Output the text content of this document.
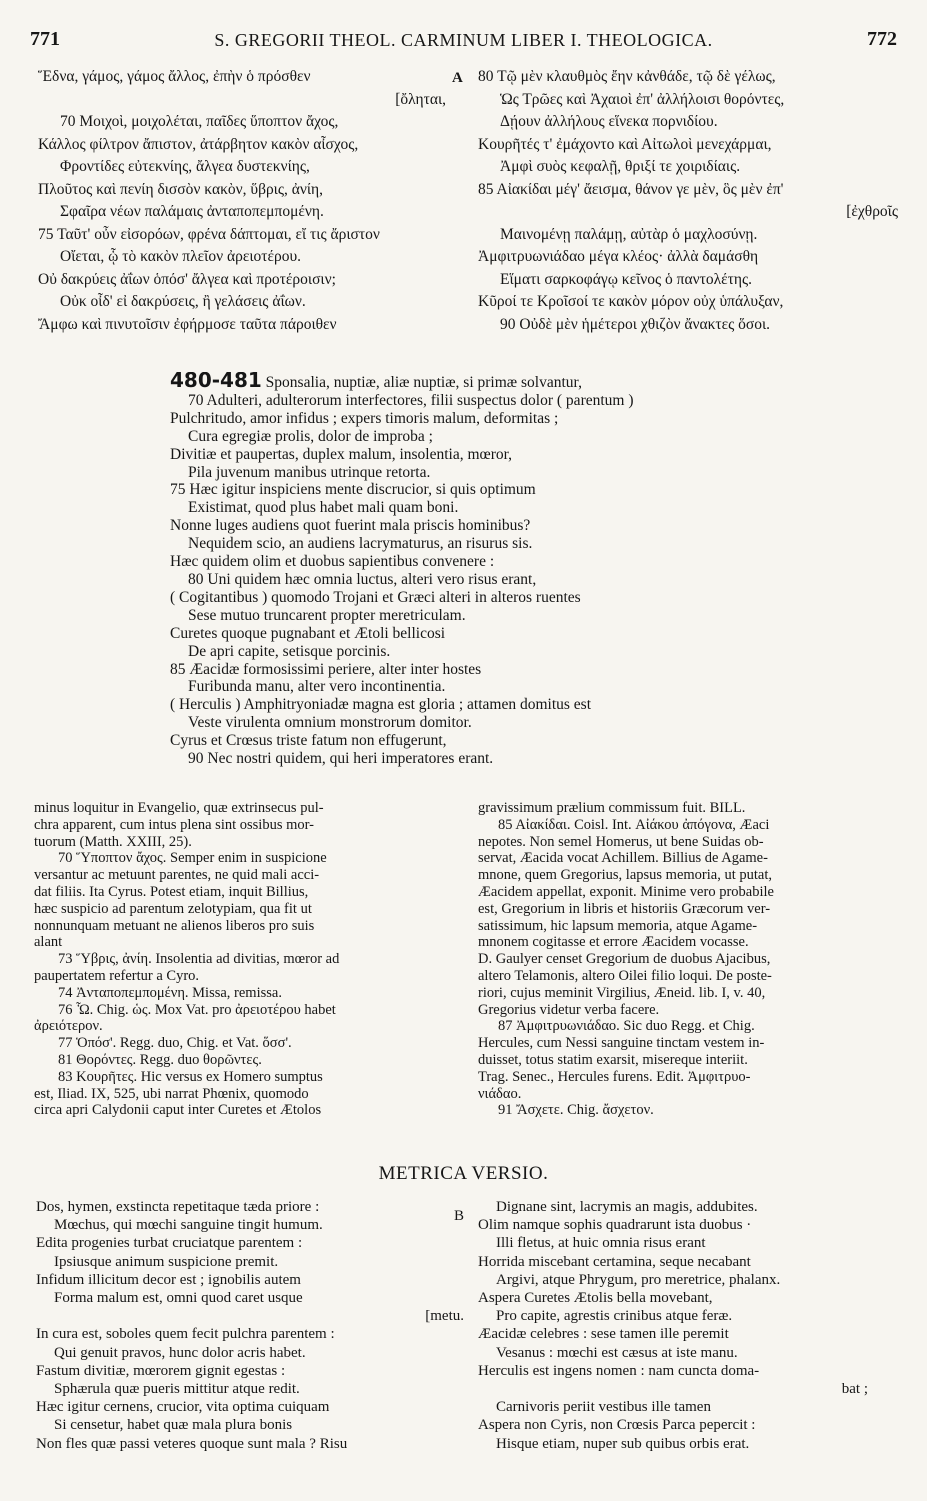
771	S. GREGORII THEOL. CARMINUM LIBER I. THEOLOGICA.	772
Ἕδνα, γάμος, γάμος ἄλλος, ἐπὴν ὁ πρόσθεν
[ὄληται,
70 Μοιχοὶ, μοιχολέται, παῖδες ὕποπτον ἄχος,
Κάλλος φίλτρον ἄπιστον, ἀτάρβητον κακὸν αἶσχος,
Φροντίδες εὐτεκνίης, ἄλγεα δυστεκνίης,
Πλοῦτος καὶ πενίη δισσὸν κακὸν, ὕβρις, ἀνίη,
Σφαῖρα νέων παλάμαις ἀνταποπεμπομένη.
75 Ταῦτ' οὖν εἰσορόων, φρένα δάπτομαι, εἴ τις ἄριστον
Οἴεται, ᾧ τὸ κακὸν πλεῖον ἀρειοτέρου.
Οὐ δακρύεις ἀΐων ὁπόσ' ἄλγεα καὶ προτέροισιν;
Οὐκ οἶδ' εἰ δακρύσεις, ἢ γελάσεις ἀΐων.
Ἄμφω καὶ πινυτοῖσιν ἐφήρμοσε ταῦτα πάροιθεν
A 80 Τῷ μὲν κλαυθμὸς ἔην κἀνθάδε, τῷ δὲ γέλως,
Ὡς Τρῶες καὶ Ἀχαιοὶ ἐπ' ἀλλήλοισι θορόντες,
Δῄουν ἀλλήλους εἵνεκα πορνιδίου.
Κουρῆτές τ' ἐμάχοντο καὶ Αἰτωλοὶ μενεχάρμαι,
Ἀμφὶ συὸς κεφαλῇ, θριξί τε χοιριδίαις.
85 Αἰακίδαι μέγ' ἄεισμα, θάνον γε μὲν, ὃς μὲν ἐπ'
[ἐχθροῖς
Μαινομένῃ παλάμῃ, αὐτὰρ ὁ μαχλοσύνῃ.
Ἀμφιτρυωνιάδαο μέγα κλέος· ἀλλὰ δαμάσθη
Εἵματι σαρκοφάγῳ κεῖνος ὁ παντολέτης.
Κῦροί τε Κροῖσοί τε κακὸν μόρον οὐχ ὑπάλυξαν,
90 Οὐδὲ μὲν ἡμέτεροι χθιζὸν ἄνακτες ὅσοι.
480-481 Sponsalia, nuptiæ, aliæ nuptiæ, si primæ solvantur,
70 Adulteri, adulterorum interfectores, filii suspectus dolor ( parentum )
Pulchritudo, amor infidus ; expers timoris malum, deformitas ;
Cura egregiæ prolis, dolor de improba ;
Divitiæ et paupertas, duplex malum, insolentia, mœror,
Pila juvenum manibus utrinque retorta.
75 Hæc igitur inspiciens mente discrucior, si quis optimum
Existimat, quod plus habet mali quam boni.
Nonne luges audiens quot fuerint mala priscis hominibus?
Nequidem scio, an audiens lacrymaturus, an risurus sis.
Hæc quidem olim et duobus sapientibus convenere :
80 Uni quidem hæc omnia luctus, alteri vero risus erant,
( Cogitantibus ) quomodo Trojani et Græci alteri in alteros ruentes
Sese mutuo truncarent propter meretriculam.
Curetes quoque pugnabant et Ætoli bellicosi
De apri capite, setisque porcinis.
85 Æacidæ formosissimi periere, alter inter hostes
Furibunda manu, alter vero incontinentia.
( Herculis ) Amphitryoniadæ magna est gloria ; attamen domitus est
Veste virulenta omnium monstrorum domitor.
Cyrus et Crœsus triste fatum non effugerunt,
90 Nec nostri quidem, qui heri imperatores erant.
minus loquitur in Evangelio, quæ extrinsecus pul-
chra apparent, cum intus plena sint ossibus mor-
tuorum (Matth. XXIII, 25).
70 Ὕποπτον ἄχος. Semper enim in suspicione
versantur ac metuunt parentes, ne quid mali acci-
dat filiis. Ita Cyrus. Potest etiam, inquit Billius,
hæc suspicio ad parentum zelotypiam, qua fit ut
nonnunquam metuant ne alienos liberos pro suis
alant
73 Ὕβρις, ἀνίη. Insolentia ad divitias, mœror ad
paupertatem refertur a Cyro.
74 Ἀνταποπεμπομένη. Missa, remissa.
76 Ὧ. Chig. ὡς. Mox Vat. pro ἀρειοτέρου habet
ἀρειότερον.
77 Ὁπόσ'. Regg. duo, Chig. et Vat. ὅσσ'.
81 Θορόντες. Regg. duo θορῶντες.
83 Κουρῆτες. Hic versus ex Homero sumptus
est, Iliad. IX, 525, ubi narrat Phœnix, quomodo
circa apri Calydonii caput inter Curetes et Ætolos
gravissimum prælium commissum fuit. BILL.
85 Αἰακίδαι. Coisl. Int. Αἰάκου ἀπόγονα, Æaci
nepotes. Non semel Homerus, ut bene Suidas ob-
servat, Æacida vocat Achillem. Billius de Agame-
mnone, quem Gregorius, lapsus memoria, ut putat,
Æacidem appellat, exponit. Minime vero probabile
est, Gregorium in libris et historiis Græcorum ver-
satissimum, hic lapsum memoria, atque Agame-
mnonem cogitasse et errore Æacidem vocasse.
D. Gaulyer censet Gregorium de duobus Ajacibus,
altero Telamonis, altero Oilei filio loqui. De poste-
riori, cujus meminit Virgilius, Æneid. lib. I, v. 40,
Gregorius videtur verba facere.
87 Ἀμφιτρυωνιάδαο. Sic duo Regg. et Chig.
Hercules, cum Nessi sanguine tinctam vestem in-
duisset, totus statim exarsit, misereque interiit.
Trag. Senec., Hercules furens. Edit. Ἀμφιτρυο-
νιάδαο.
91 Ἄσχετε. Chig. ἄσχετον.
METRICA VERSIO.
Dos, hymen, exstincta repetitaque tæda priore :
Mœchus, qui mœchi sanguine tingit humum.
Edita progenies turbat cruciatque parentem :
Ipsiusque animum suspicione premit.
Infidum illicitum decor est ; ignobilis autem
Forma malum est, omni quod caret usque
[metu.
In cura est, soboles quem fecit pulchra parentem :
Qui genuit pravos, hunc dolor acris habet.
Fastum divitiæ, mœrorem gignit egestas :
Sphærula quæ pueris mittitur atque redit.
Hæc igitur cernens, crucior, vita optima cuiquam
Si censetur, habet quæ mala plura bonis
Non fles quæ passi veteres quoque sunt mala ? Risu
B
Dignane sint, lacrymis an magis, addubites.
Olim namque sophis quadrarunt ista duobus ·
Illi fletus, at huic omnia risus erant
Horrida miscebant certamina, seque necabant
Argivi, atque Phrygum, pro meretrice, phalanx.
Aspera Curetes Ætolis bella movebant,
Pro capite, agrestis crinibus atque feræ.
Æacidæ celebres : sese tamen ille peremit
Vesanus : mœchi est cæsus at iste manu.
Herculis est ingens nomen : nam cuncta doma-
bat ;
Carnivoris periit vestibus ille tamen
Aspera non Cyris, non Crœsis Parca pepercit :
Hisque etiam, nuper sub quibus orbis erat.
